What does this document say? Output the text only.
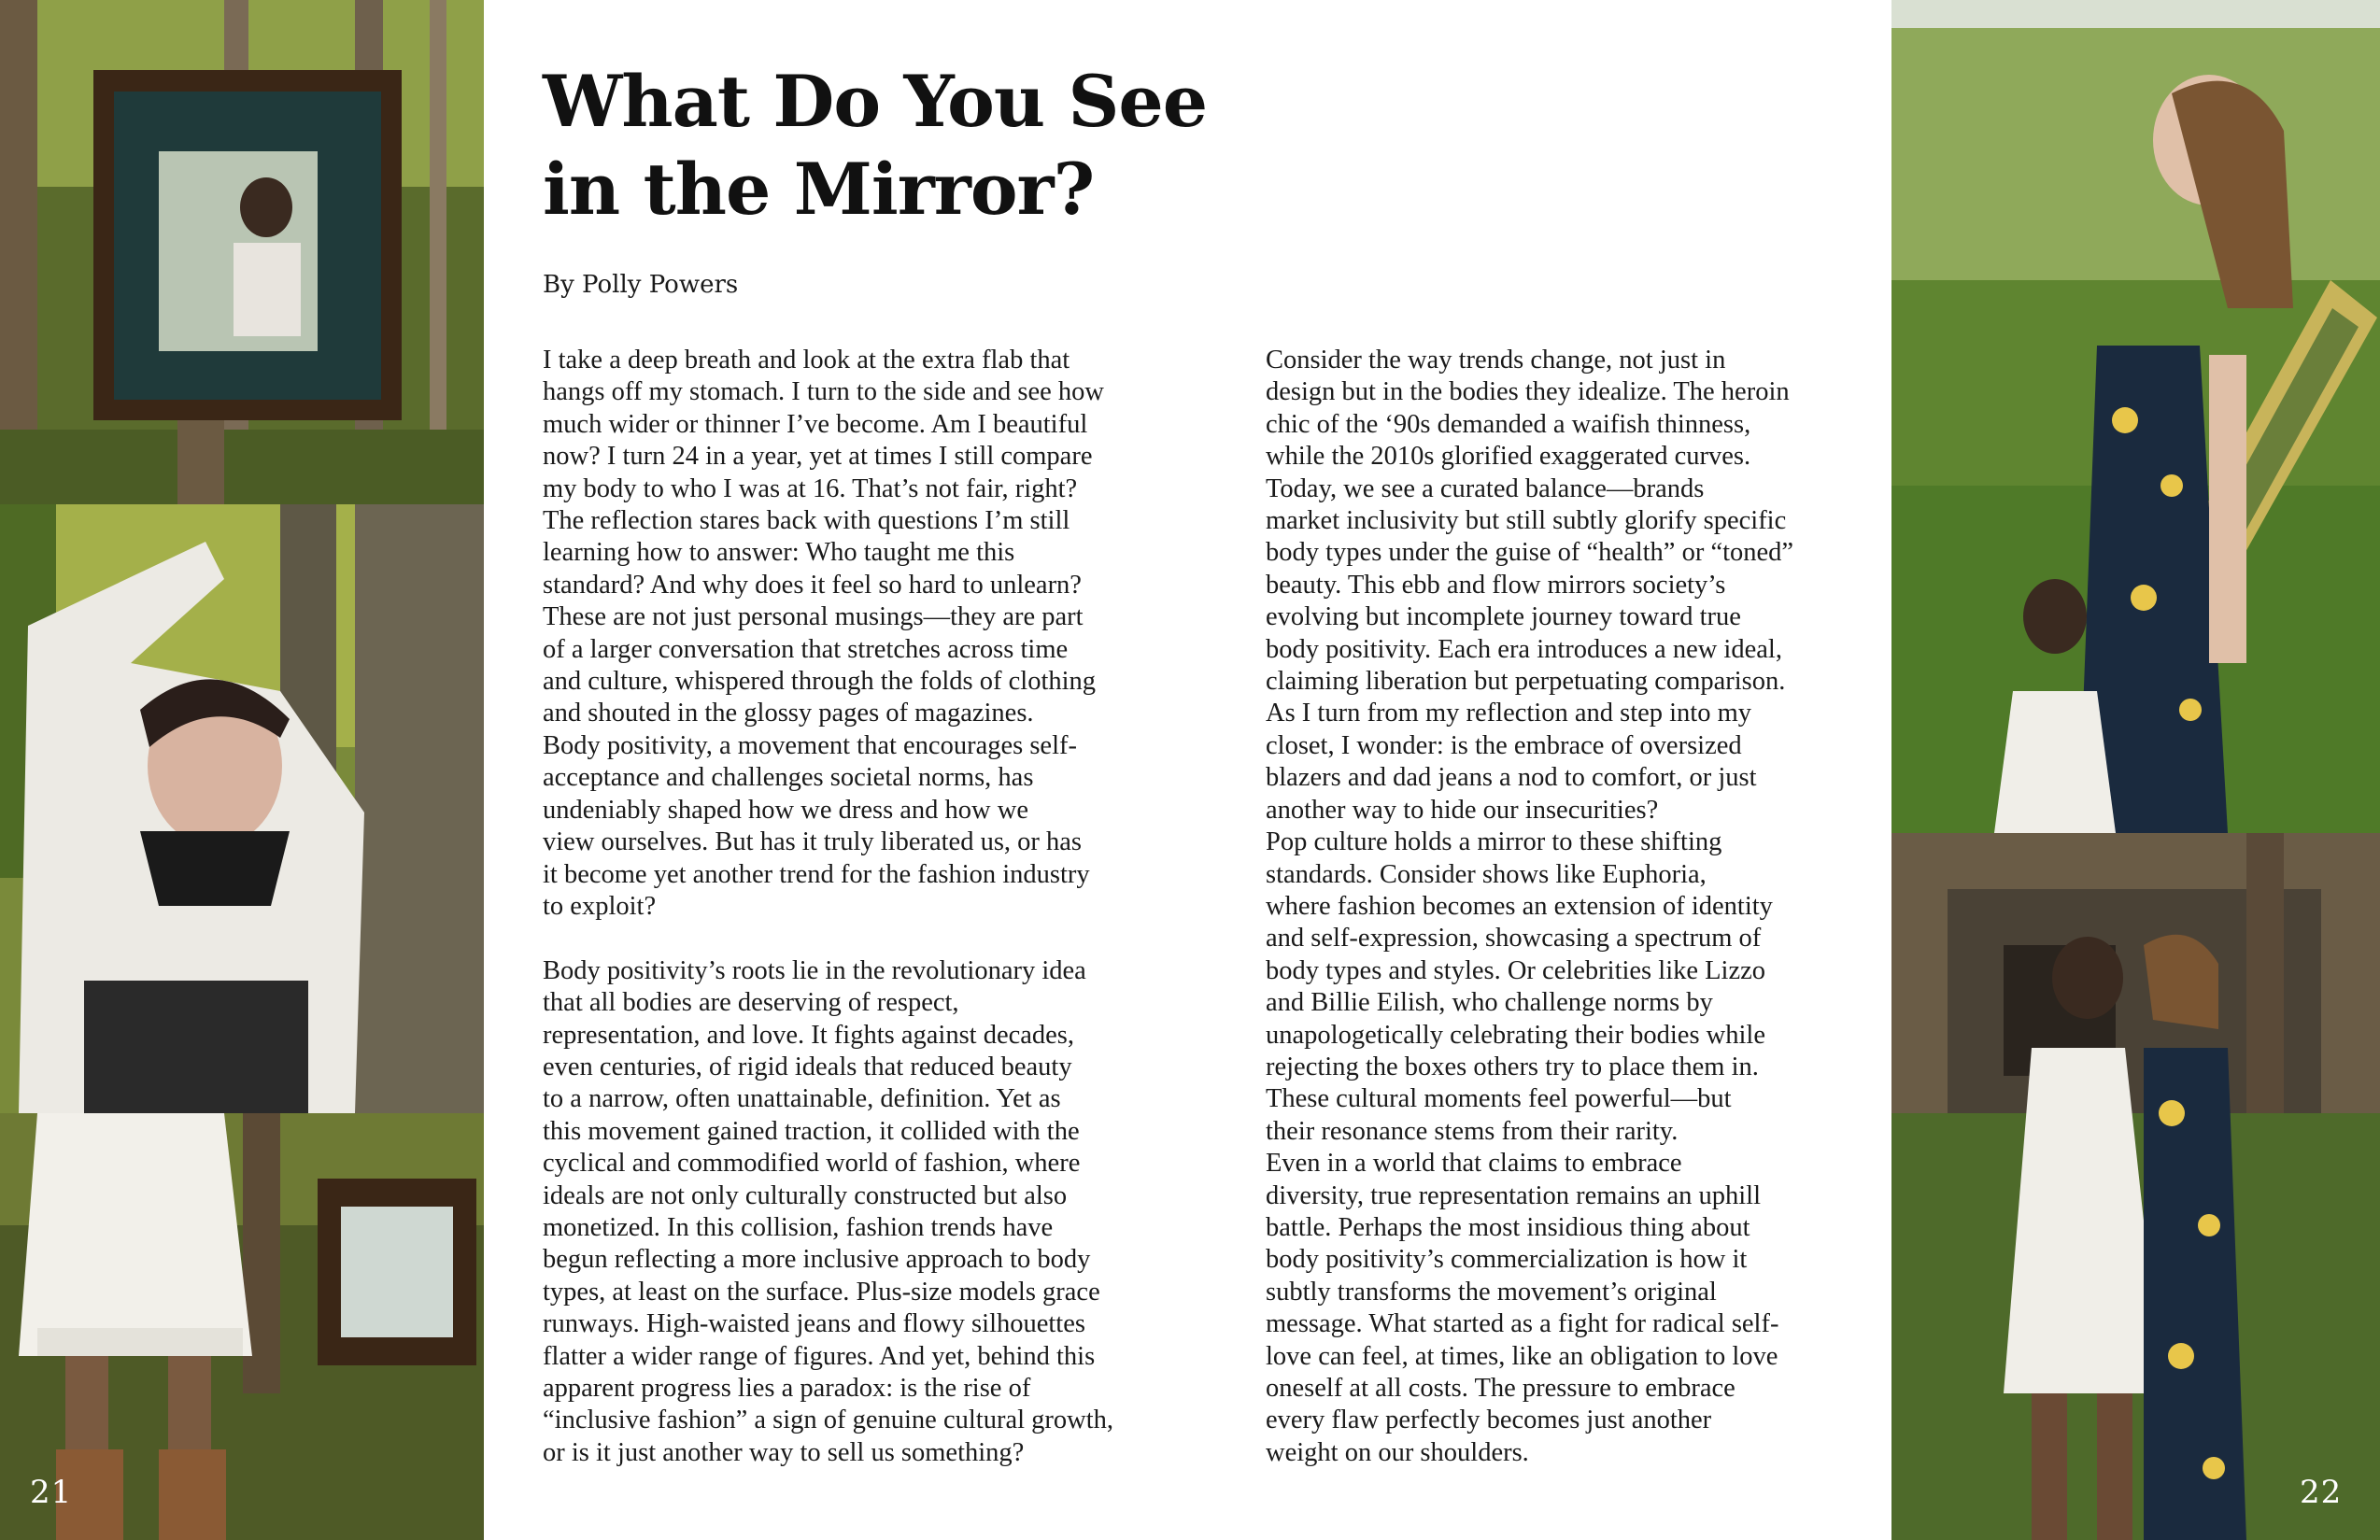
21	22
What Do You See
in the Mirror?
By Polly Powers

I take a deep breath and look at the extra flab that

hangs off my stomach. I turn to the side and see how

much wider or thinner I’ve become. Am I beautiful

now? I turn 24 in a year, yet at times I still compare

my body to who I was at 16. That’s not fair, right?

The reflection stares back with questions I’m still

learning how to answer: Who taught me this

standard? And why does it feel so hard to unlearn?

These are not just personal musings—they are part

of a larger conversation that stretches across time

and culture, whispered through the folds of clothing

and shouted in the glossy pages of magazines.

Body positivity, a movement that encourages self-

acceptance and challenges societal norms, has

undeniably shaped how we dress and how we

view ourselves. But has it truly liberated us, or has

it become yet another trend for the fashion industry

to exploit?

Body positivity’s roots lie in the revolutionary idea

that all bodies are deserving of respect,

representation, and love. It fights against decades,

even centuries, of rigid ideals that reduced beauty

to a narrow, often unattainable, definition. Yet as

this movement gained traction, it collided with the

cyclical and commodified world of fashion, where

ideals are not only culturally constructed but also

monetized. In this collision, fashion trends have

begun reflecting a more inclusive approach to body

types, at least on the surface. Plus-size models grace

runways. High-waisted jeans and flowy silhouettes

flatter a wider range of figures. And yet, behind this

apparent progress lies a paradox: is the rise of

“inclusive fashion” a sign of genuine cultural growth,

or is it just another way to sell us something?

Consider the way trends change, not just in

design but in the bodies they idealize. The heroin

chic of the ‘90s demanded a waifish thinness,

while the 2010s glorified exaggerated curves.

Today, we see a curated balance—brands

market inclusivity but still subtly glorify specific

body types under the guise of “health” or “toned”

beauty. This ebb and flow mirrors society’s

evolving but incomplete journey toward true

body positivity. Each era introduces a new ideal,

claiming liberation but perpetuating comparison.

As I turn from my reflection and step into my

closet, I wonder: is the embrace of oversized

blazers and dad jeans a nod to comfort, or just

another way to hide our insecurities?

Pop culture holds a mirror to these shifting

standards. Consider shows like Euphoria,

where fashion becomes an extension of identity

and self-expression, showcasing a spectrum of

body types and styles. Or celebrities like Lizzo

and Billie Eilish, who challenge norms by

unapologetically celebrating their bodies while

rejecting the boxes others try to place them in.

These cultural moments feel powerful—but

their resonance stems from their rarity.

Even in a world that claims to embrace

diversity, true representation remains an uphill

battle. Perhaps the most insidious thing about

body positivity’s commercialization is how it

subtly transforms the movement’s original

message. What started as a fight for radical self-

love can feel, at times, like an obligation to love

oneself at all costs. The pressure to embrace

every flaw perfectly becomes just another

weight on our shoulders.
